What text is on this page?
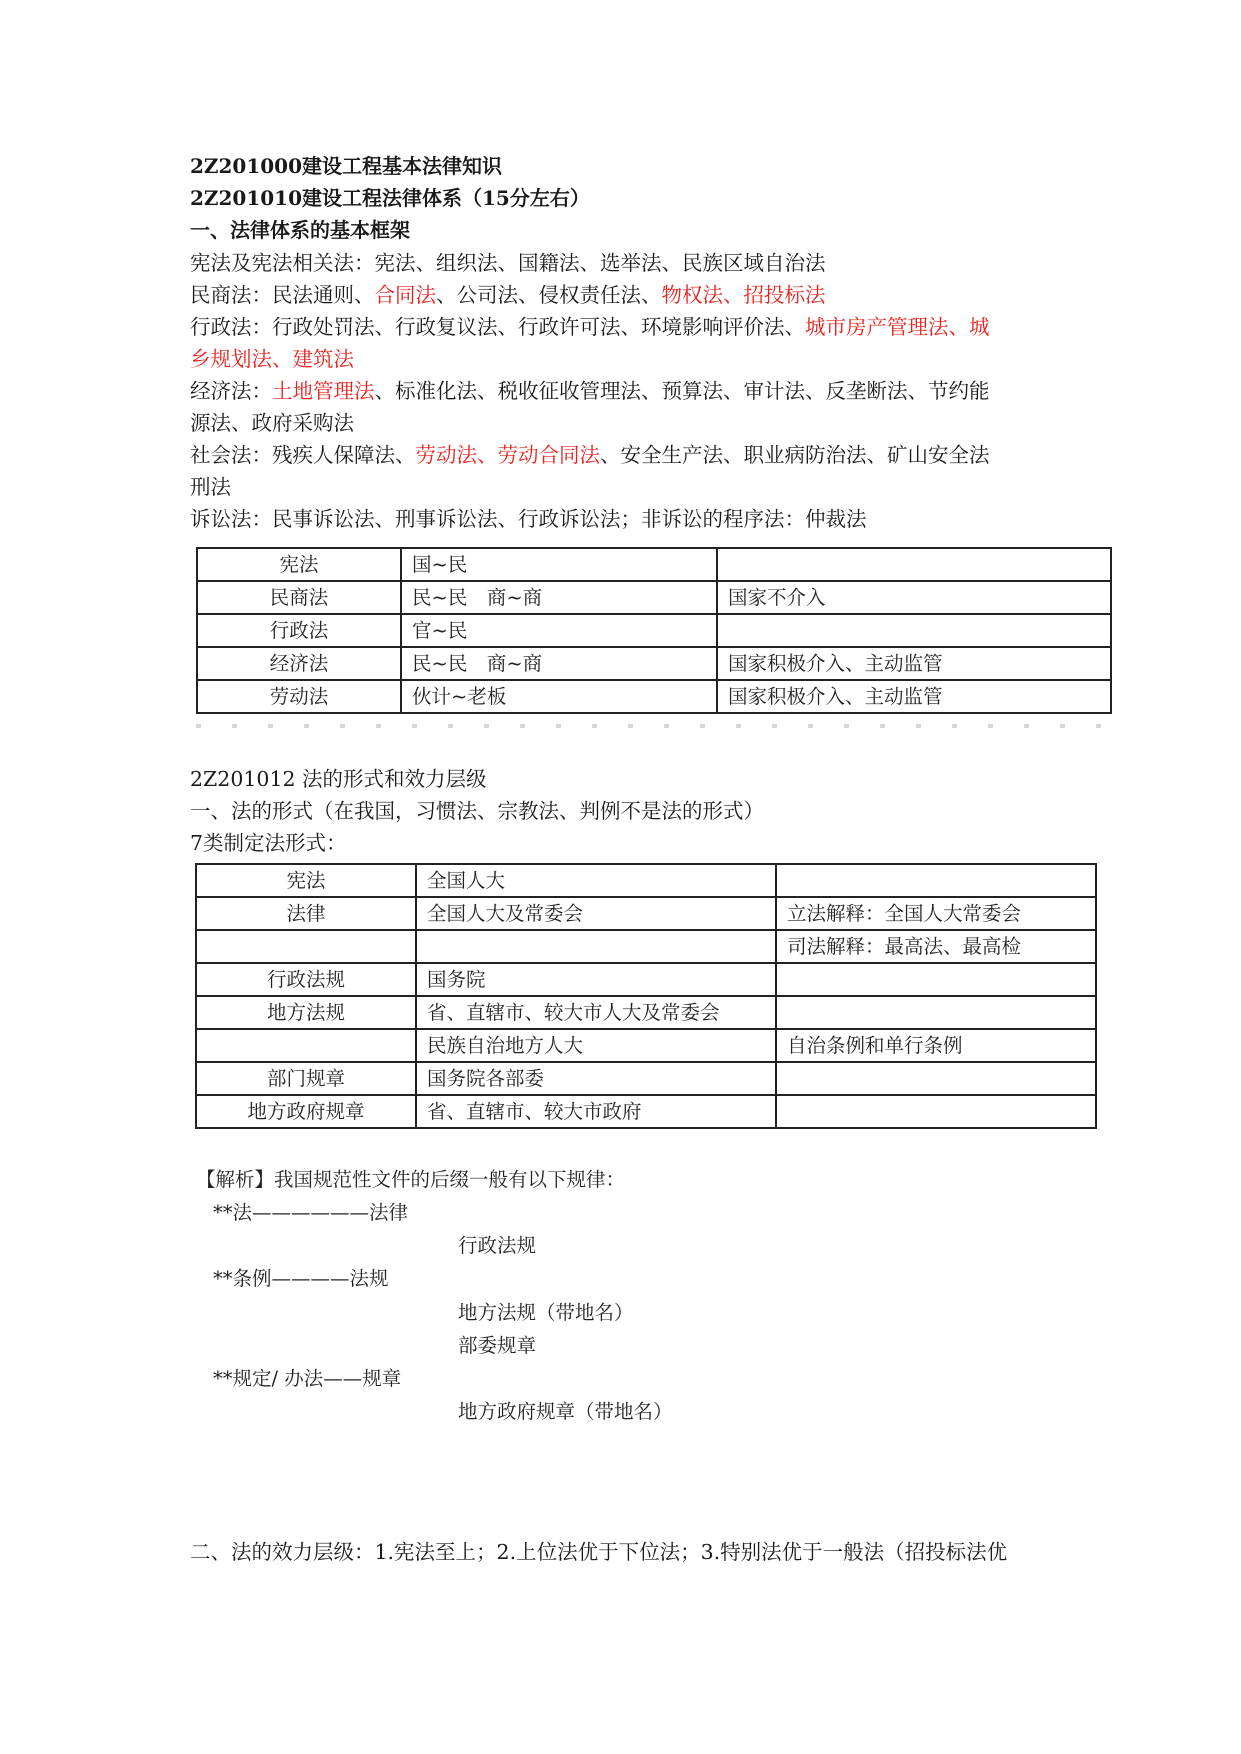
2Z201000建设工程基本法律知识
2Z201010建设工程法律体系（15分左右）
一、法律体系的基本框架
宪法及宪法相关法：宪法、组织法、国籍法、选举法、民族区域自治法
民商法：民法通则、合同法、公司法、侵权责任法、物权法、招投标法
行政法：行政处罚法、行政复议法、行政许可法、环境影响评价法、城市房产管理法、城
乡规划法、建筑法
经济法：土地管理法、标准化法、税收征收管理法、预算法、审计法、反垄断法、节约能
源法、政府采购法
社会法：残疾人保障法、劳动法、劳动合同法、安全生产法、职业病防治法、矿山安全法
刑法
诉讼法：民事诉讼法、刑事诉讼法、行政诉讼法；非诉讼的程序法：仲裁法
宪法	国~民	
民商法	民~民　商~商	国家不介入
行政法	官~民	
经济法	民~民　商~商	国家积极介入、主动监管
劳动法	伙计~老板	国家积极介入、主动监管
2Z201012 法的形式和效力层级
一、法的形式（在我国，习惯法、宗教法、判例不是法的形式）
7类制定法形式：
宪法	全国人大	
法律	全国人大及常委会	立法解释：全国人大常委会
		司法解释：最高法、最高检
行政法规	国务院	
地方法规	省、直辖市、较大市人大及常委会	
	民族自治地方人大	自治条例和单行条例
部门规章	国务院各部委	
地方政府规章	省、直辖市、较大市政府	
【解析】我国规范性文件的后缀一般有以下规律：
**法——————法律
行政法规
**条例————法规
地方法规（带地名）
部委规章
**规定/ 办法——规章
地方政府规章（带地名）
二、法的效力层级：1.宪法至上；2.上位法优于下位法；3.特别法优于一般法（招投标法优
